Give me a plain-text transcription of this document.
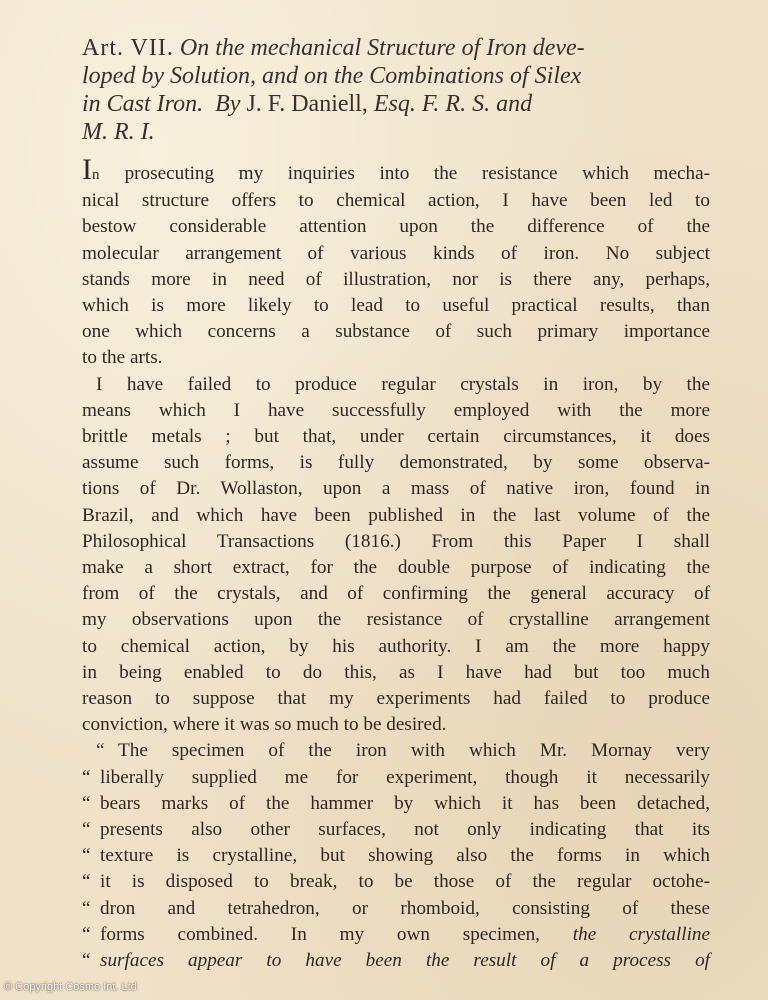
Art. VII. On the mechanical Structure of Iron deve-
loped by Solution, and on the Combinations of Silex
in Cast Iron. By J. F. Daniell, Esq. F. R. S. and
M. R. I.

In prosecuting my inquiries into the resistance which mecha-
nical structure offers to chemical action, I have been led to
bestow considerable attention upon the difference of the
molecular arrangement of various kinds of iron. No subject
stands more in need of illustration, nor is there any, perhaps,
which is more likely to lead to useful practical results, than
one which concerns a substance of such primary importance
to the arts.

I have failed to produce regular crystals in iron, by the
means which I have successfully employed with the more
brittle metals ; but that, under certain circumstances, it does
assume such forms, is fully demonstrated, by some observa-
tions of Dr. Wollaston, upon a mass of native iron, found in
Brazil, and which have been published in the last volume of the
Philosophical Transactions (1816.) From this Paper I shall
make a short extract, for the double purpose of indicating the
from of the crystals, and of confirming the general accuracy of
my observations upon the resistance of crystalline arrangement
to chemical action, by his authority. I am the more happy
in being enabled to do this, as I have had but too much
reason to suppose that my experiments had failed to produce
conviction, where it was so much to be desired.

“ The specimen of the iron with which Mr. Mornay very
“ liberally supplied me for experiment, though it necessarily
“ bears marks of the hammer by which it has been detached,
“ presents also other surfaces, not only indicating that its
“ texture is crystalline, but showing also the forms in which
“ it is disposed to break, to be those of the regular octohe-
“ dron and tetrahedron, or rhomboid, consisting of these
“ forms combined. In my own specimen, the crystalline
“ surfaces appear to have been the result of a process of

© Copyright Cosmo Int. Ltd
